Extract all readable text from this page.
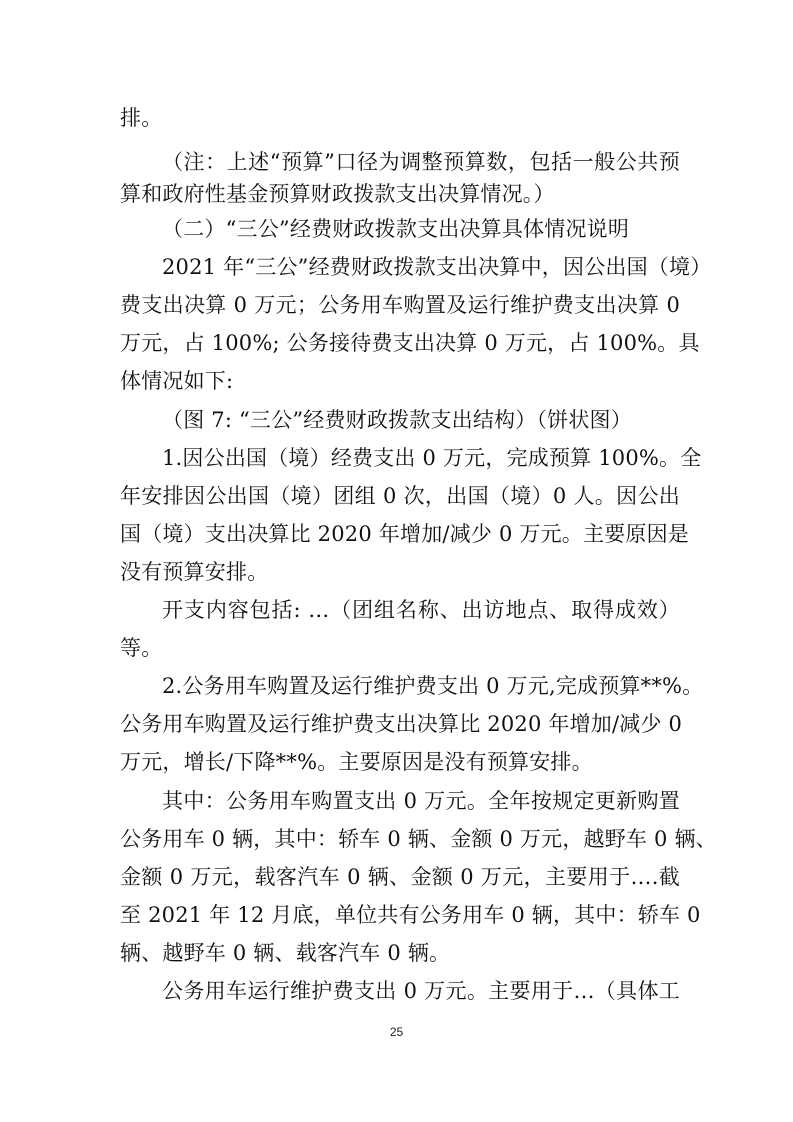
排。
（注：上述“预算”口径为调整预算数，包括一般公共预
算和政府性基金预算财政拨款支出决算情况。）
（二）“三公”经费财政拨款支出决算具体情况说明
2021 年“三公”经费财政拨款支出决算中，因公出国（境）
费支出决算 0 万元；公务用车购置及运行维护费支出决算 0
万元，占 100%; 公务接待费支出决算 0 万元，占 100%。具
体情况如下:
（图 7: “三公”经费财政拨款支出结构）（饼状图）
1.因公出国（境）经费支出 0 万元，完成预算 100%。全
年安排因公出国（境）团组 0 次，出国（境）0 人。因公出
国（境）支出决算比 2020 年增加/减少 0 万元。主要原因是
没有预算安排。
开支内容包括: …（团组名称、出访地点、取得成效）
等。
2.公务用车购置及运行维护费支出 0 万元,完成预算**%。
公务用车购置及运行维护费支出决算比 2020 年增加/减少 0
万元，增长/下降**%。主要原因是没有预算安排。
其中：公务用车购置支出 0 万元。全年按规定更新购置
公务用车 0 辆，其中：轿车 0 辆、金额 0 万元，越野车 0 辆、
金额 0 万元，载客汽车 0 辆、金额 0 万元，主要用于….截
至 2021 年 12 月底，单位共有公务用车 0 辆，其中：轿车 0
辆、越野车 0 辆、载客汽车 0 辆。
公务用车运行维护费支出 0 万元。主要用于…（具体工
25
